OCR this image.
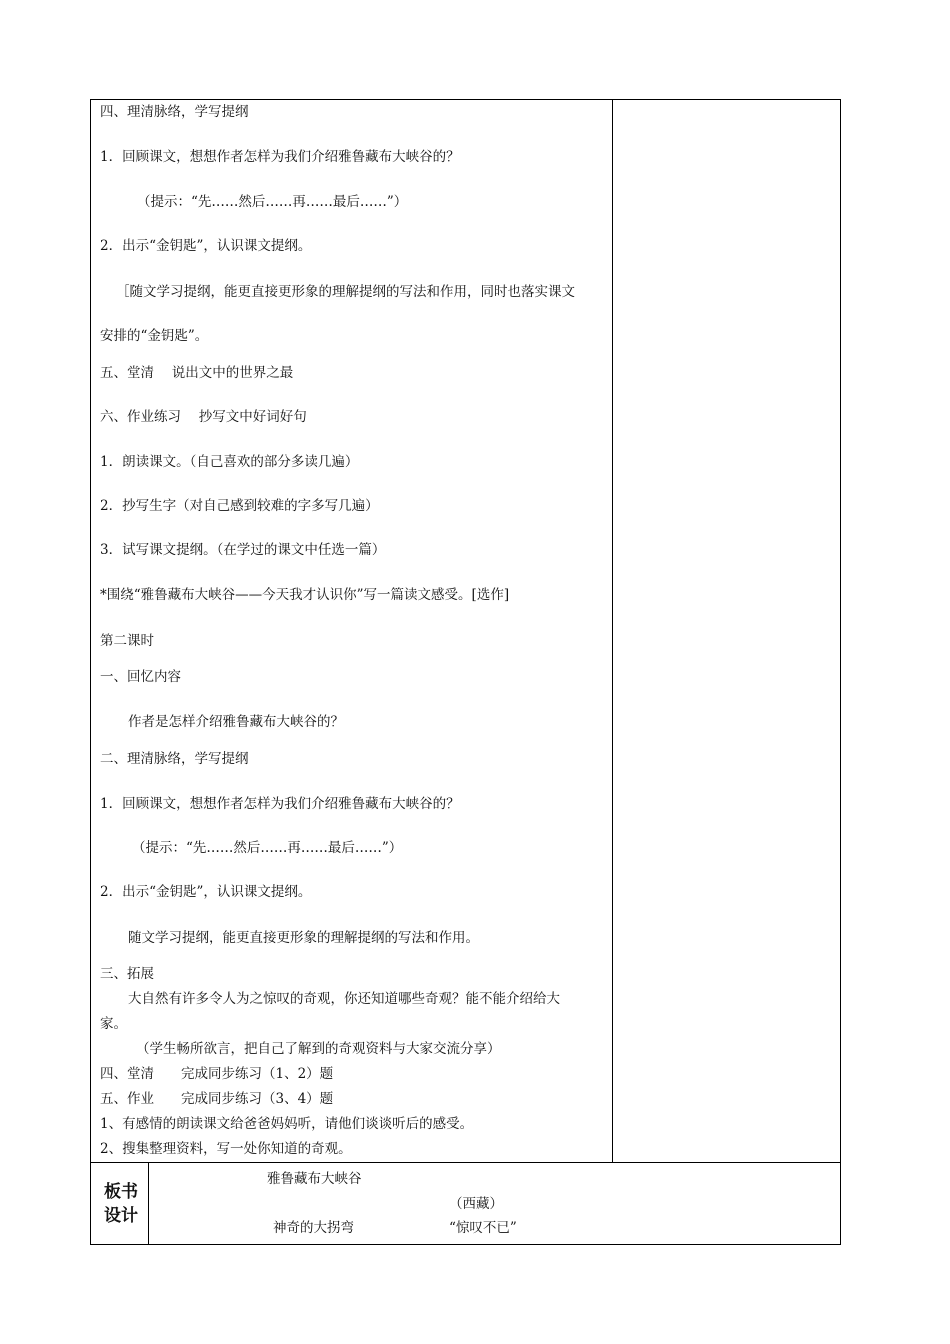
四、理清脉络，学写提纲
1．回顾课文，想想作者怎样为我们介绍雅鲁藏布大峡谷的？
（提示：“先……然后……再……最后……”）
2．出示“金钥匙”，认识课文提纲。
［随文学习提纲，能更直接更形象的理解提纲的写法和作用，同时也落实课文
安排的“金钥匙”。
五、堂清　 说出文中的世界之最
六、作业练习　 抄写文中好词好句
1．朗读课文。（自己喜欢的部分多读几遍）
2．抄写生字（对自己感到较难的字多写几遍）
3．试写课文提纲。（在学过的课文中任选一篇）
*围绕“雅鲁藏布大峡谷——今天我才认识你”写一篇读文感受。[选作]
第二课时
一、回忆内容
作者是怎样介绍雅鲁藏布大峡谷的？
二、理清脉络，学写提纲
1．回顾课文，想想作者怎样为我们介绍雅鲁藏布大峡谷的？
（提示：“先……然后……再……最后……”）
2．出示“金钥匙”，认识课文提纲。
随文学习提纲，能更直接更形象的理解提纲的写法和作用。
三、拓展
大自然有许多令人为之惊叹的奇观，你还知道哪些奇观？能不能介绍给大
家。
（学生畅所欲言，把自己了解到的奇观资料与大家交流分享）
四、堂清　　完成同步练习（1、2）题
五、作业　　完成同步练习（3、4）题
1、有感情的朗读课文给爸爸妈妈听，请他们谈谈听后的感受。
2、搜集整理资料，写一处你知道的奇观。
板书
设计
雅鲁藏布大峡谷
（西藏）
神奇的大拐弯	“惊叹不已”
